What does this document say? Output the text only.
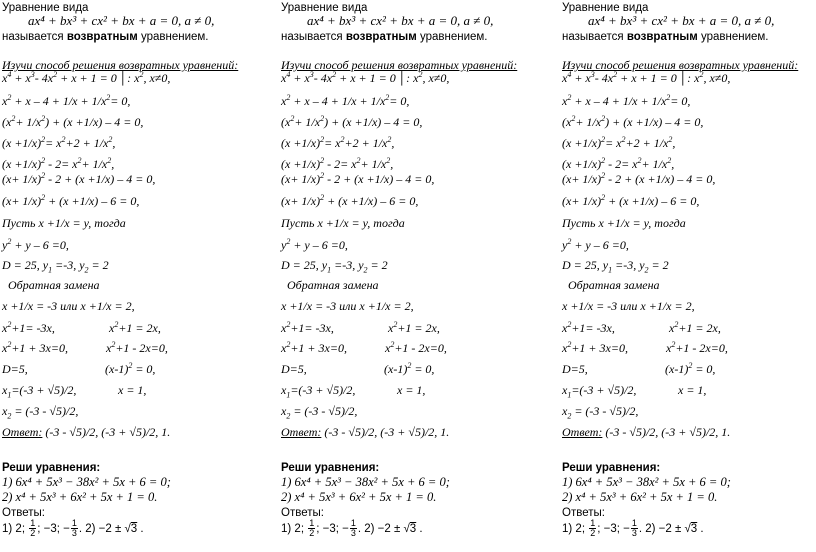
Уравнение вида
ax⁴ + bx³ + cx² + bx + a = 0, a ≠ 0,
называется возвратным уравнением.
Изучи способ решения возвратных уравнений:
$x^4 + x^3-$ $4x^2 + x + 1 = 0$ │: $x^2$, x≠0,
$x^2 + x - 4 + 1/x + 1/x^2= 0$,
$(x^2+ 1/x^2) + (x +1/x) - 4 = 0$,
$(x +1/x)^2= x^2+2 + 1/x^2$,
$(x +1/x)^2 - 2= x^2+ 1/x^2$,
$(x+ 1/x)^2 - 2 + (x +1/x) - 4 = 0$,
$(x+ 1/x)^2 + (x +1/x) - 6 = 0$,
Пусть x +1/x = y, тогда
$y^2 + y - 6 =0$,
D = 25, $y_1 =-3$, $y_2 = 2$
Обратная замена
x +1/x = -3 или x +1/x = 2,
$x^2+1= -3x$,
$x^2+1 + 3x=0$,
D=5,
$x_1=(-3 + √5)/2$,
$x_2 = (-3 - √5)/2$,
$x^2+1 = 2x$,
$x^2+1 - 2x=0$,
$(x-1)^2 = 0$,
x = 1,
Ответ: (-3 - √5)/2, (-3 + √5)/2, 1.
Реши уравнения:
1) 6x⁴ + 5x³ − 38x² + 5x + 6 = 0;
2) x⁴ + 5x³ + 6x² + 5x + 1 = 0.
Ответы:
1) 2; $\frac{1}{2}$ ; −3; − $\frac{1}{3}$ . 2) −2 ± √3 .
Уравнение вида
ax⁴ + bx³ + cx² + bx + a = 0, a ≠ 0,
называется возвратным уравнением.
Изучи способ решения возвратных уравнений:
$x^4 + x^3-$ $4x^2 + x + 1 = 0$ │: $x^2$, x≠0,
$x^2 + x - 4 + 1/x + 1/x^2= 0$,
$(x^2+ 1/x^2) + (x +1/x) - 4 = 0$,
$(x +1/x)^2= x^2+2 + 1/x^2$,
$(x +1/x)^2 - 2= x^2+ 1/x^2$,
$(x+ 1/x)^2 - 2 + (x +1/x) - 4 = 0$,
$(x+ 1/x)^2 + (x +1/x) - 6 = 0$,
Пусть x +1/x = y, тогда
$y^2 + y - 6 =0$,
D = 25, $y_1 =-3$, $y_2 = 2$
Обратная замена
x +1/x = -3 или x +1/x = 2,
$x^2+1= -3x$,
$x^2+1 + 3x=0$,
D=5,
$x_1=(-3 + √5)/2$,
$x_2 = (-3 - √5)/2$,
$x^2+1 = 2x$,
$x^2+1 - 2x=0$,
$(x-1)^2 = 0$,
x = 1,
Ответ: (-3 - √5)/2, (-3 + √5)/2, 1.
Реши уравнения:
1) 6x⁴ + 5x³ − 38x² + 5x + 6 = 0;
2) x⁴ + 5x³ + 6x² + 5x + 1 = 0.
Ответы:
1) 2; $\frac{1}{2}$ ; −3; − $\frac{1}{3}$ . 2) −2 ± √3 .
Уравнение вида
ax⁴ + bx³ + cx² + bx + a = 0, a ≠ 0,
называется возвратным уравнением.
Изучи способ решения возвратных уравнений:
$x^4 + x^3-$ $4x^2 + x + 1 = 0$ │: $x^2$, x≠0,
$x^2 + x - 4 + 1/x + 1/x^2= 0$,
$(x^2+ 1/x^2) + (x +1/x) - 4 = 0$,
$(x +1/x)^2= x^2+2 + 1/x^2$,
$(x +1/x)^2 - 2= x^2+ 1/x^2$,
$(x+ 1/x)^2 - 2 + (x +1/x) - 4 = 0$,
$(x+ 1/x)^2 + (x +1/x) - 6 = 0$,
Пусть x +1/x = y, тогда
$y^2 + y - 6 =0$,
D = 25, $y_1 =-3$, $y_2 = 2$
Обратная замена
x +1/x = -3 или x +1/x = 2,
$x^2+1= -3x$,
$x^2+1 + 3x=0$,
D=5,
$x_1=(-3 + √5)/2$,
$x_2 = (-3 - √5)/2$,
$x^2+1 = 2x$,
$x^2+1 - 2x=0$,
$(x-1)^2 = 0$,
x = 1,
Ответ: (-3 - √5)/2, (-3 + √5)/2, 1.
Реши уравнения:
1) 6x⁴ + 5x³ − 38x² + 5x + 6 = 0;
2) x⁴ + 5x³ + 6x² + 5x + 1 = 0.
Ответы:
1) 2; $\frac{1}{2}$ ; −3; − $\frac{1}{3}$ . 2) −2 ± √3 .
